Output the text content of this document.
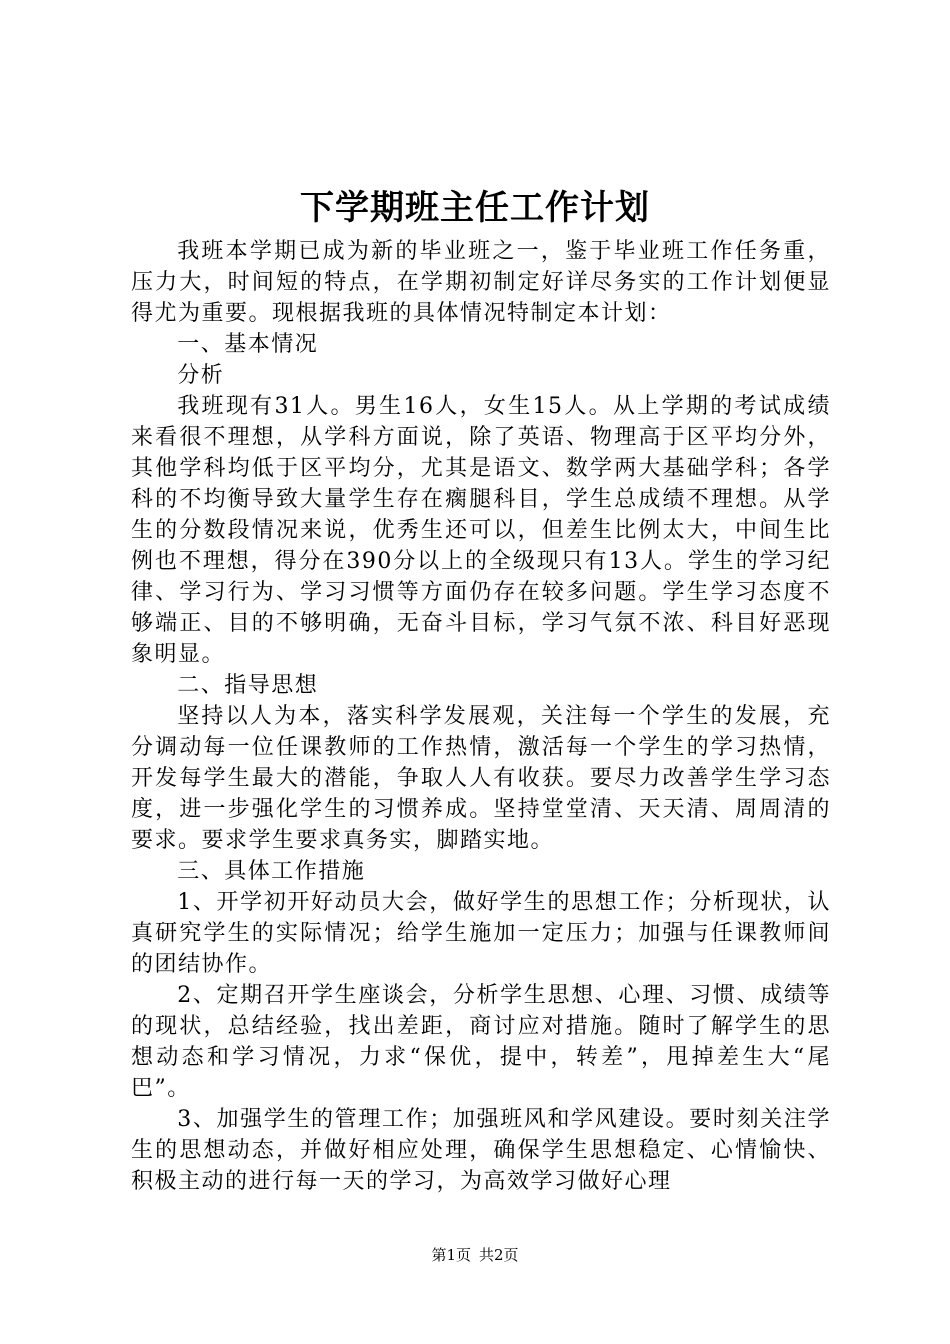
下学期班主任工作计划

我班本学期已成为新的毕业班之一，鉴于毕业班工作任务重，压力大，时间短的特点，在学期初制定好详尽务实的工作计划便显得尤为重要。现根据我班的具体情况特制定本计划：

一、基本情况

分析

我班现有31人。男生16人，女生15人。从上学期的考试成绩来看很不理想，从学科方面说，除了英语、物理高于区平均分外，其他学科均低于区平均分，尤其是语文、数学两大基础学科；各学科的不均衡导致大量学生存在瘸腿科目，学生总成绩不理想。从学生的分数段情况来说，优秀生还可以，但差生比例太大，中间生比例也不理想，得分在390分以上的全级现只有13人。学生的学习纪律、学习行为、学习习惯等方面仍存在较多问题。学生学习态度不够端正、目的不够明确，无奋斗目标，学习气氛不浓、科目好恶现象明显。

二、指导思想

坚持以人为本，落实科学发展观，关注每一个学生的发展，充分调动每一位任课教师的工作热情，激活每一个学生的学习热情，开发每学生最大的潜能，争取人人有收获。要尽力改善学生学习态度，进一步强化学生的习惯养成。坚持堂堂清、天天清、周周清的要求。要求学生要求真务实，脚踏实地。

三、具体工作措施

1、开学初开好动员大会，做好学生的思想工作；分析现状，认真研究学生的实际情况；给学生施加一定压力；加强与任课教师间的团结协作。

2、定期召开学生座谈会，分析学生思想、心理、习惯、成绩等的现状，总结经验，找出差距，商讨应对措施。随时了解学生的思想动态和学习情况，力求“保优，提中，转差”，甩掉差生大“尾巴”。

3、加强学生的管理工作；加强班风和学风建设。要时刻关注学生的思想动态，并做好相应处理，确保学生思想稳定、心情愉快、积极主动的进行每一天的学习，为高效学习做好心理

第1页 共2页
